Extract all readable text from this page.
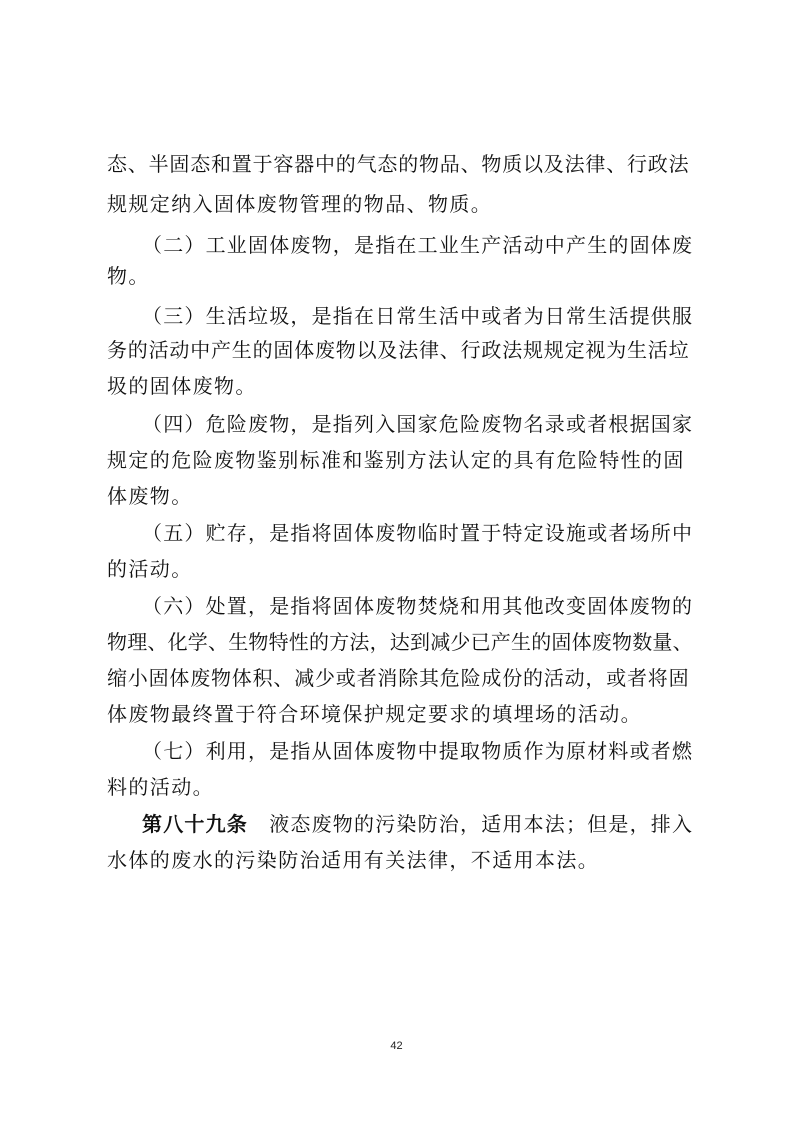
态、半固态和置于容器中的气态的物品、物质以及法律、行政法
规规定纳入固体废物管理的物品、物质。
（二）工业固体废物，是指在工业生产活动中产生的固体废
物。
（三）生活垃圾，是指在日常生活中或者为日常生活提供服
务的活动中产生的固体废物以及法律、行政法规规定视为生活垃
圾的固体废物。
（四）危险废物，是指列入国家危险废物名录或者根据国家
规定的危险废物鉴别标准和鉴别方法认定的具有危险特性的固
体废物。
（五）贮存，是指将固体废物临时置于特定设施或者场所中
的活动。
（六）处置，是指将固体废物焚烧和用其他改变固体废物的
物理、化学、生物特性的方法，达到减少已产生的固体废物数量、
缩小固体废物体积、减少或者消除其危险成份的活动，或者将固
体废物最终置于符合环境保护规定要求的填埋场的活动。
（七）利用，是指从固体废物中提取物质作为原材料或者燃
料的活动。
第八十九条  液态废物的污染防治，适用本法；但是，排入
水体的废水的污染防治适用有关法律，不适用本法。
42
